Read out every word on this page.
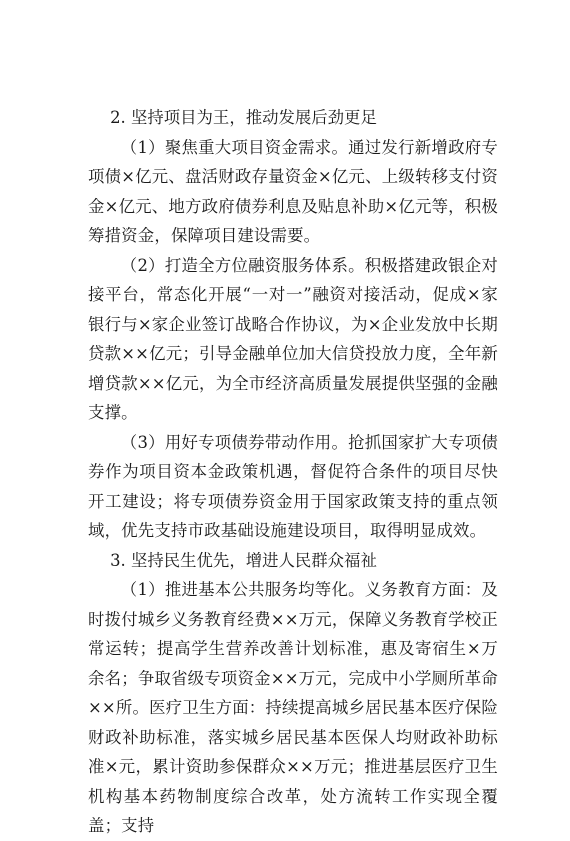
2. 坚持项目为王，推动发展后劲更足

（1）聚焦重大项目资金需求。通过发行新增政府专项债×亿元、盘活财政存量资金×亿元、上级转移支付资金×亿元、地方政府债券利息及贴息补助×亿元等，积极筹措资金，保障项目建设需要。

（2）打造全方位融资服务体系。积极搭建政银企对接平台，常态化开展“一对一”融资对接活动，促成×家银行与×家企业签订战略合作协议，为×企业发放中长期贷款××亿元；引导金融单位加大信贷投放力度，全年新增贷款××亿元，为全市经济高质量发展提供坚强的金融支撑。

（3）用好专项债券带动作用。抢抓国家扩大专项债券作为项目资本金政策机遇，督促符合条件的项目尽快开工建设；将专项债券资金用于国家政策支持的重点领域，优先支持市政基础设施建设项目，取得明显成效。

3. 坚持民生优先，增进人民群众福祉

（1）推进基本公共服务均等化。义务教育方面：及时拨付城乡义务教育经费××万元，保障义务教育学校正常运转；提高学生营养改善计划标准，惠及寄宿生×万余名；争取省级专项资金××万元，完成中小学厕所革命××所。医疗卫生方面：持续提高城乡居民基本医疗保险财政补助标准，落实城乡居民基本医保人均财政补助标准×元，累计资助参保群众××万元；推进基层医疗卫生机构基本药物制度综合改革，处方流转工作实现全覆盖；支持
